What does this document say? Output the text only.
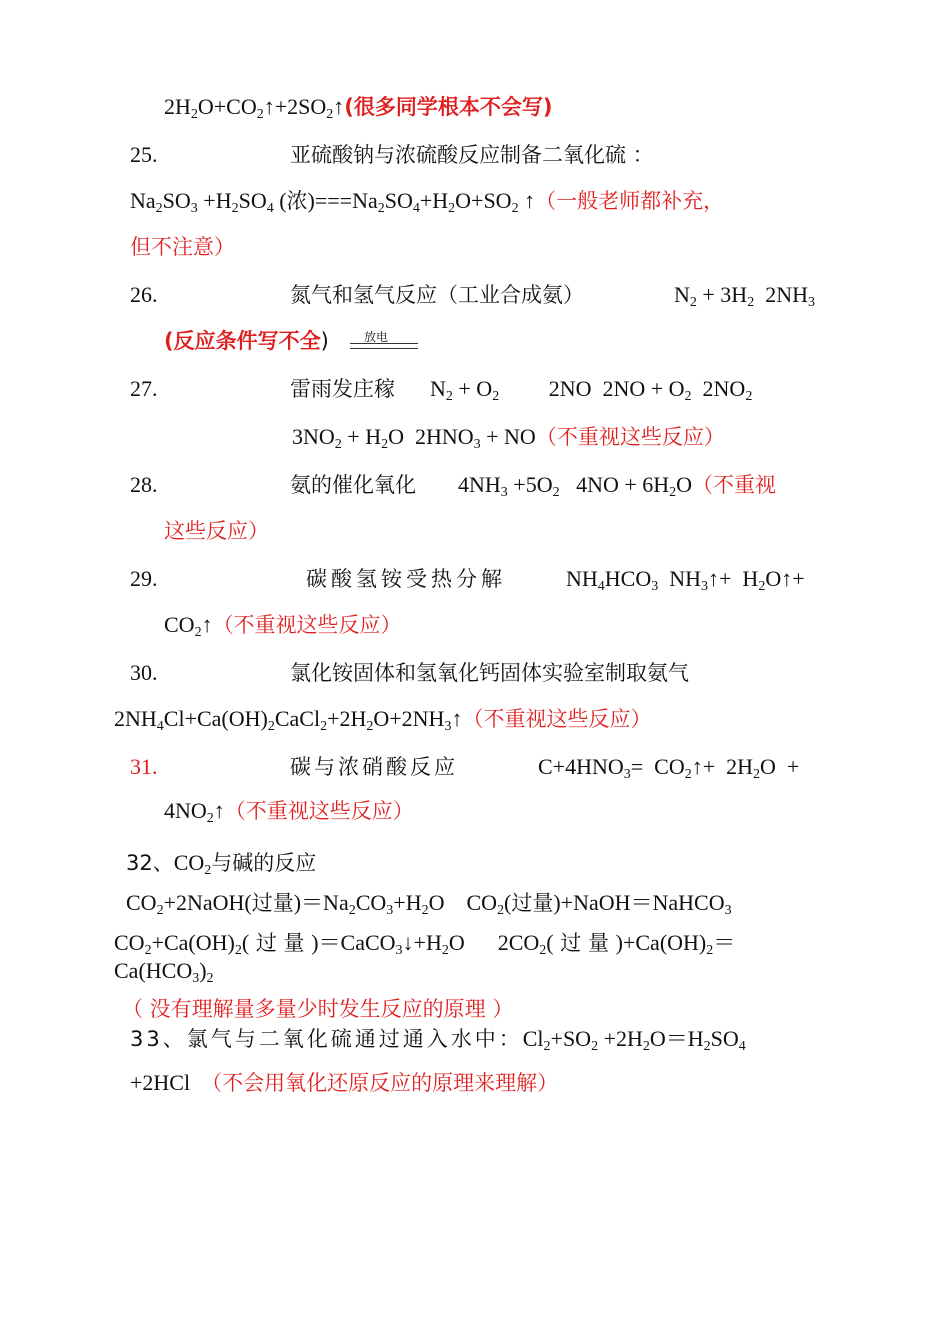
$2H_2O+CO_2↑+2SO_2↑$(很多同学根本不会写)
25.	亚硫酸钠与浓硫酸反应制备二氧化硫 ：
$Na_2SO_3 +H_2SO_4$ (浓)$===Na_2SO_4+H_2O+SO_2$ ↑（一般老师都补充，
但不注意）
26.	氮气和氢气反应（工业合成氨）	$N_2 + 3H_2$  $2NH_3$
(反应条件写不全)	放电
27.	雷雨发庄稼 $N_2 + O_2$         2NO  $2NO + O_2$  $2NO_2$
$3NO_2 + H_2O$  $2HNO_3 + NO$（不重视这些反应）
28.	氨的催化氧化 $4NH_3 +5O_2$   $4NO + 6H_2O$（不重视
这些反应）
29.	碳酸氢铵受热分解	$NH_4HCO_3$  $NH_3↑+$  $H_2O↑+$
$CO_2↑$（不重视这些反应）
30.	氯化铵固体和氢氧化钙固体实验室制取氨气
$2NH_4Cl+Ca(OH)_2CaCl_2+2H_2O+2NH_3↑$（不重视这些反应）
31.	碳与浓硝酸反应	$C+4HNO_3=$  $CO_2↑+ 2H_2O$  +
$4NO_2↑$（不重视这些反应）
32、$CO_2$与碱的反应
$CO_2+2NaOH$(过量)$=Na_2CO_3+H_2O$    $CO_2$(过量)+NaOH＝NaHCO$_3$
$CO_2+Ca(OH)_2$( 过 量 )$=CaCO_3↓+H_2O$      $2CO_2$( 过 量 )$+Ca(OH)_2=$
$Ca(HCO_3)_2$
（ 没有理解量多量少时发生反应的原理 ）
33、氯气与二氧化硫通过通入水中：$Cl_2+SO_2 +2H_2O=H_2SO_4$
+2HCl  （不会用氧化还原反应的原理来理解）
